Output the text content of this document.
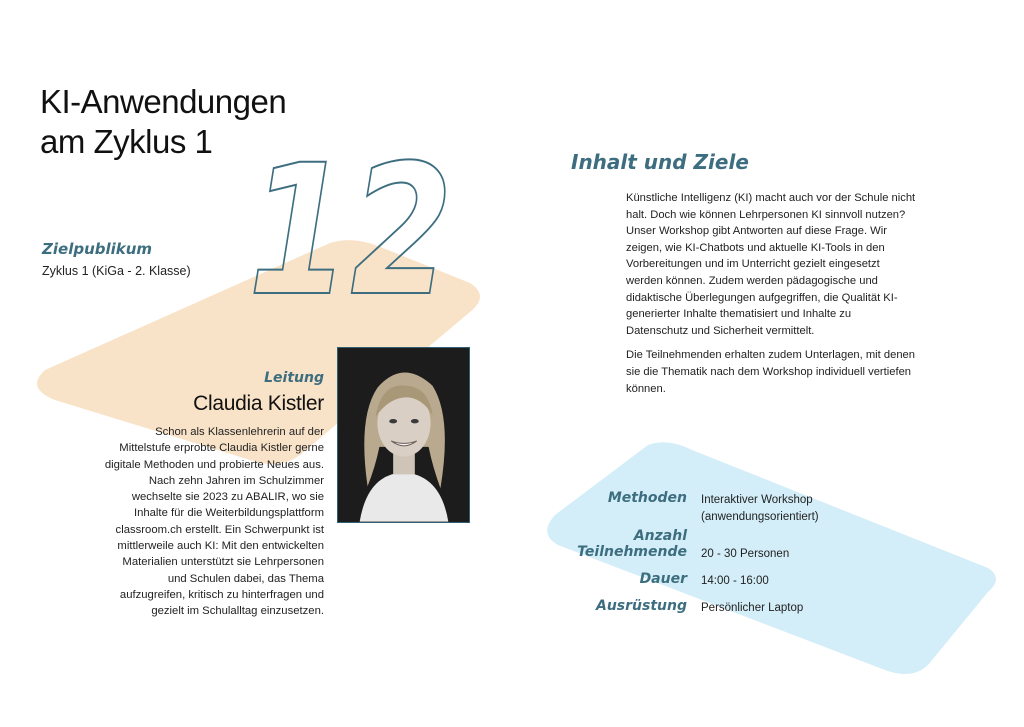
KI-Anwendungen
am Zyklus 1 12
Zielpublikum

Zyklus 1 (KiGa - 2. Klasse)

Leitung
Claudia Kistler

Schon als Klassenlehrerin auf der Mittelstufe erprobte Claudia Kistler gerne digitale Methoden und probierte Neues aus. Nach zehn Jahren im Schulzimmer wechselte sie 2023 zu ABALIR, wo sie Inhalte für die Weiterbildungsplattform classroom.ch erstellt. Ein Schwerpunkt ist mittlerweile auch KI: Mit den entwickelten Materialien unterstützt sie Lehrpersonen und Schulen dabei, das Thema aufzugreifen, kritisch zu hinterfragen und gezielt im Schulalltag einzusetzen.

Inhalt und Ziele

Künstliche Intelligenz (KI) macht auch vor der Schule nicht halt. Doch wie können Lehrpersonen KI sinnvoll nutzen? Unser Workshop gibt Antworten auf diese Frage. Wir zeigen, wie KI-Chatbots und aktuelle KI-Tools in den Vorbereitungen und im Unterricht gezielt eingesetzt werden können. Zudem werden pädagogische und didaktische Überlegungen aufgegriffen, die Qualität KI-generierter Inhalte thematisiert und Inhalte zu Datenschutz und Sicherheit vermittelt.

Die Teilnehmenden erhalten zudem Unterlagen, mit denen sie die Thematik nach dem Workshop individuell vertiefen können.

Methoden Interaktiver Workshop
(anwendungsorientiert)
Anzahl
Teilnehmende 20 - 30 Personen
Dauer 14:00 - 16:00
Ausrüstung Persönlicher Laptop
